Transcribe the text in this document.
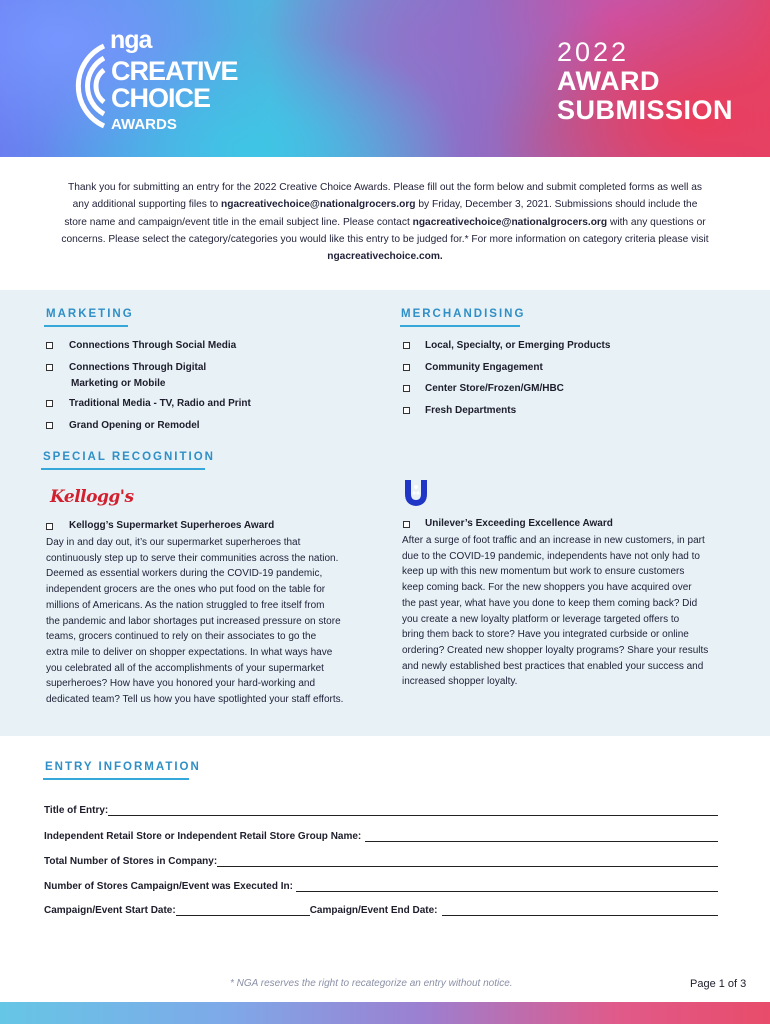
nga
CREATIVE
CHOICE
AWARDS
2022
AWARD
SUBMISSION
Thank you for submitting an entry for the 2022 Creative Choice Awards. Please fill out the form below and submit completed forms as well as any additional supporting files to ngacreativechoice@nationalgrocers.org by Friday, December 3, 2021. Submissions should include the store name and campaign/event title in the email subject line. Please contact ngacreativechoice@nationalgrocers.org with any questions or concerns. Please select the category/categories you would like this entry to be judged for.* For more information on category criteria please visit ngacreativechoice.com.
MARKETING
Connections Through Social Media
Connections Through Digital
Marketing or Mobile
Traditional Media - TV, Radio and Print
Grand Opening or Remodel
MERCHANDISING
Local, Specialty, or Emerging Products
Community Engagement
Center Store/Frozen/GM/HBC
Fresh Departments
SPECIAL RECOGNITION
Kellogg's
Kellogg’s Supermarket Superheroes Award
Day in and day out, it’s our supermarket superheroes that
continuously step up to serve their communities across the nation.
Deemed as essential workers during the COVID-19 pandemic,
independent grocers are the ones who put food on the table for
millions of Americans. As the nation struggled to free itself from
the pandemic and labor shortages put increased pressure on store
teams, grocers continued to rely on their associates to go the
extra mile to deliver on shopper expectations. In what ways have
you celebrated all of the accomplishments of your supermarket
superheroes? How have you honored your hard-working and
dedicated team? Tell us how you have spotlighted your staff efforts.
Unilever’s Exceeding Excellence Award
After a surge of foot traffic and an increase in new customers, in part
due to the COVID-19 pandemic, independents have not only had to
keep up with this new momentum but work to ensure customers
keep coming back. For the new shoppers you have acquired over
the past year, what have you done to keep them coming back? Did
you create a new loyalty platform or leverage targeted offers to
bring them back to store? Have you integrated curbside or online
ordering? Created new shopper loyalty programs? Share your results
and newly established best practices that enabled your success and
increased shopper loyalty.
ENTRY INFORMATION
Title of Entry:
Independent Retail Store or Independent Retail Store Group Name:
Total Number of Stores in Company:
Number of Stores Campaign/Event was Executed In:
Campaign/Event Start Date:	Campaign/Event End Date:
* NGA reserves the right to recategorize an entry without notice.	Page 1 of 3
